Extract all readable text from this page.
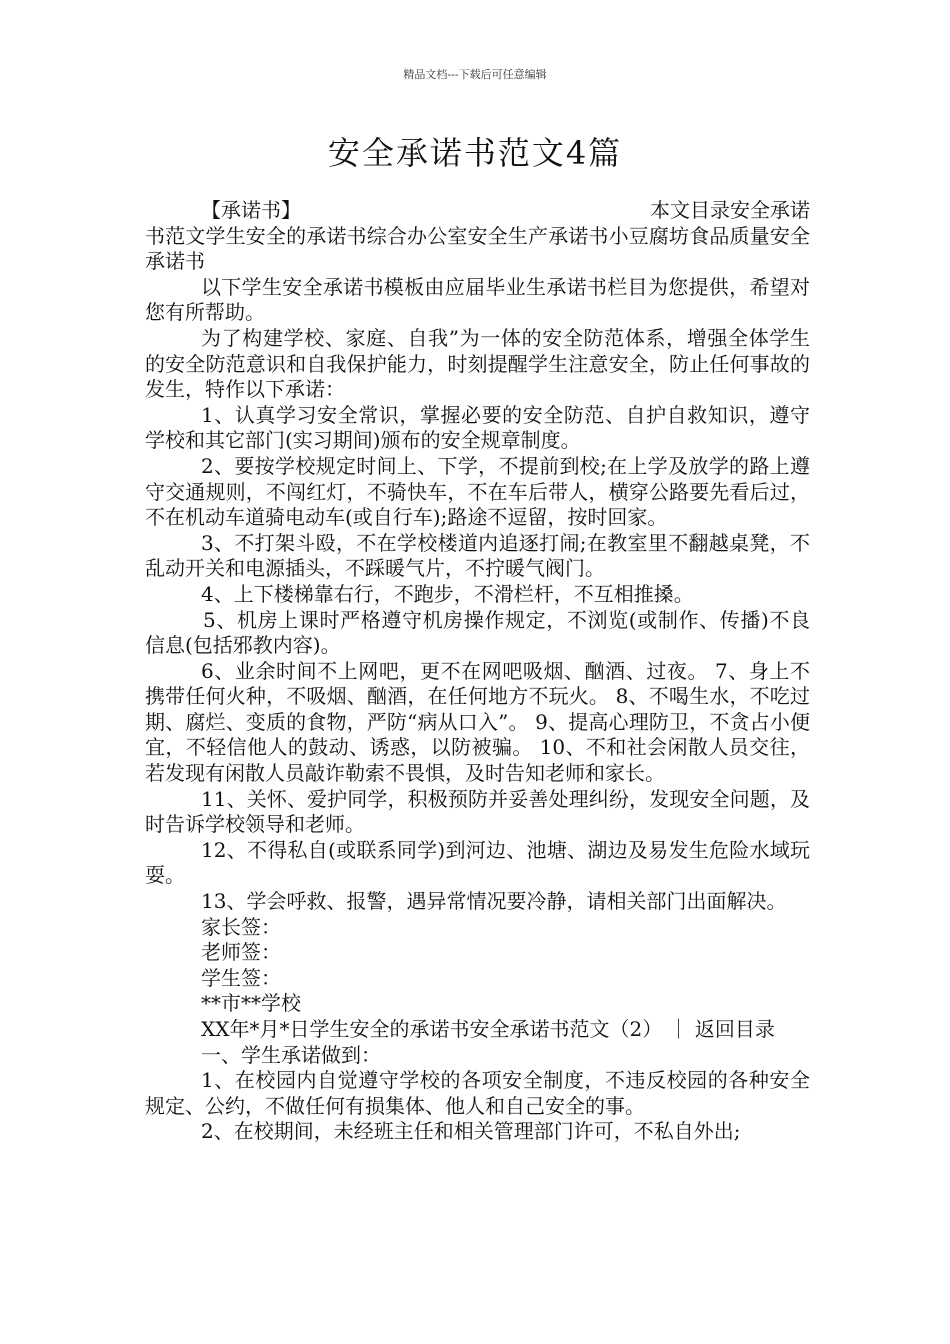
精品文档---下载后可任意编辑
安全承诺书范文4篇
【承诺书】	本文目录安全承诺

书范文学生安全的承诺书综合办公室安全生产承诺书小豆腐坊食品质量安全承诺书

以下学生安全承诺书模板由应届毕业生承诺书栏目为您提供，希望对您有所帮助。

为了构建学校、家庭、自我”为一体的安全防范体系，增强全体学生的安全防范意识和自我保护能力，时刻提醒学生注意安全，防止任何事故的发生，特作以下承诺：

1、认真学习安全常识，掌握必要的安全防范、自护自救知识，遵守学校和其它部门(实习期间)颁布的安全规章制度。

2、要按学校规定时间上、下学，不提前到校;在上学及放学的路上遵守交通规则，不闯红灯，不骑快车，不在车后带人，横穿公路要先看后过，不在机动车道骑电动车(或自行车);路途不逗留，按时回家。

3、不打架斗殴，不在学校楼道内追逐打闹;在教室里不翻越桌凳，不乱动开关和电源插头，不踩暖气片，不拧暖气阀门。

4、上下楼梯靠右行，不跑步，不滑栏杆，不互相推搡。

5、机房上课时严格遵守机房操作规定，不浏览(或制作、传播)不良信息(包括邪教内容)。

6、业余时间不上网吧，更不在网吧吸烟、酗酒、过夜。 7、身上不携带任何火种，不吸烟、酗酒，在任何地方不玩火。 8、不喝生水，不吃过期、腐烂、变质的食物，严防“病从口入”。 9、提高心理防卫，不贪占小便宜，不轻信他人的鼓动、诱惑，以防被骗。 10、不和社会闲散人员交往，若发现有闲散人员敲诈勒索不畏惧，及时告知老师和家长。

11、关怀、爱护同学，积极预防并妥善处理纠纷，发现安全问题，及时告诉学校领导和老师。

12、不得私自(或联系同学)到河边、池塘、湖边及易发生危险水域玩耍。

13、学会呼救、报警，遇异常情况要冷静，请相关部门出面解决。

家长签：

老师签：

学生签：

**市**学校

XX年*月*日学生安全的承诺书安全承诺书范文（2） ｜ 返回目录

一、学生承诺做到：

1、在校园内自觉遵守学校的各项安全制度，不违反校园的各种安全规定、公约，不做任何有损集体、他人和自己安全的事。

2、在校期间，未经班主任和相关管理部门许可，不私自外出;
